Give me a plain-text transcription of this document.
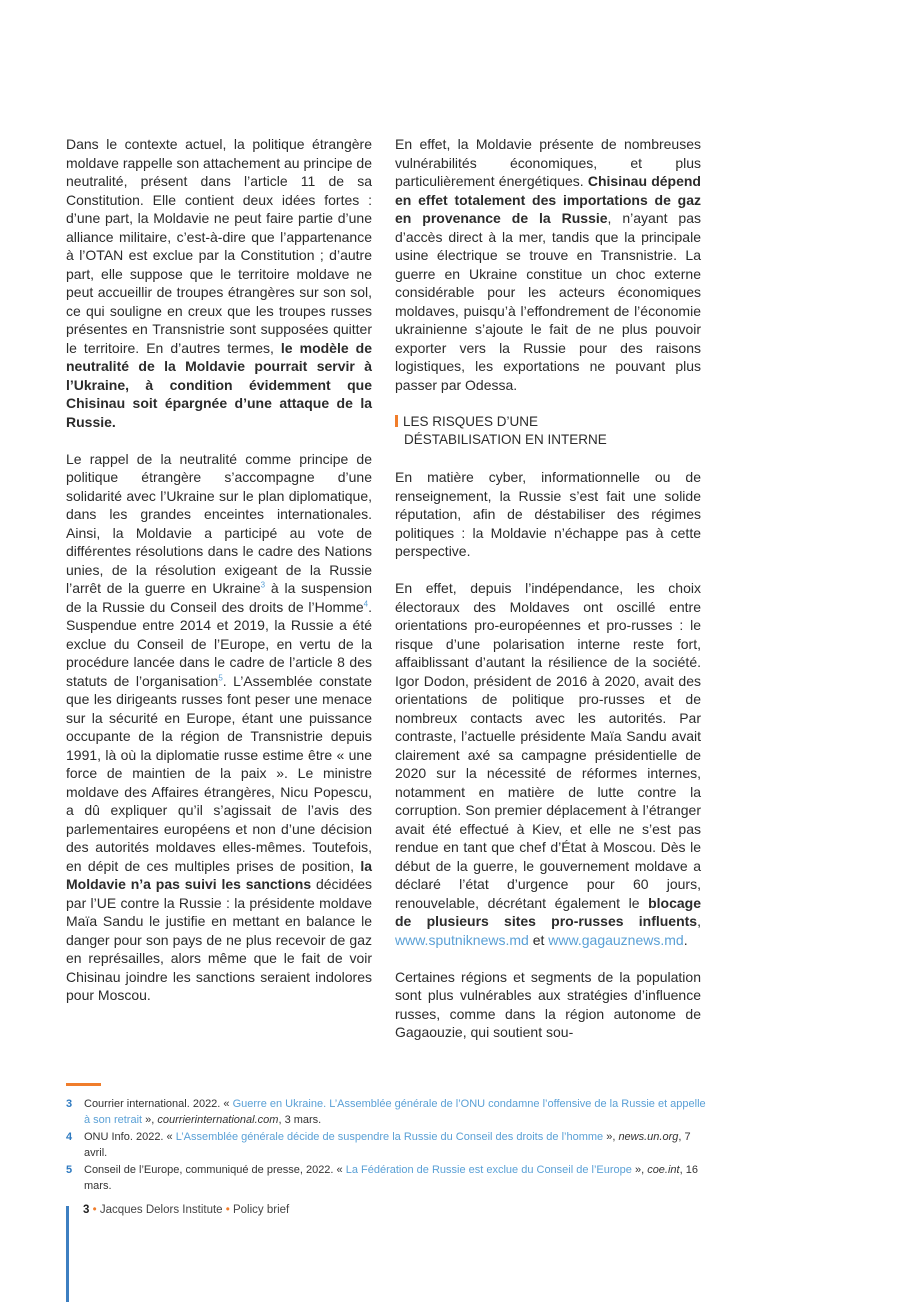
Dans le contexte actuel, la politique étrangère moldave rappelle son attachement au principe de neutralité, présent dans l’article 11 de sa Constitution. Elle contient deux idées fortes : d’une part, la Moldavie ne peut faire partie d’une alliance militaire, c’est-à-dire que l’appartenance à l’OTAN est exclue par la Constitution ; d’autre part, elle suppose que le territoire moldave ne peut accueillir de troupes étrangères sur son sol, ce qui souligne en creux que les troupes russes présentes en Transnistrie sont supposées quitter le territoire. En d’autres termes, le modèle de neutralité de la Moldavie pourrait servir à l’Ukraine, à condition évidemment que Chisinau soit épargnée d’une attaque de la Russie.

Le rappel de la neutralité comme principe de politique étrangère s’accompagne d’une solidarité avec l’Ukraine sur le plan diplomatique, dans les grandes enceintes internationales. Ainsi, la Moldavie a participé au vote de différentes résolutions dans le cadre des Nations unies, de la résolution exigeant de la Russie l’arrêt de la guerre en Ukraine$^3$ à la suspension de la Russie du Conseil des droits de l’Homme$^4$. Suspendue entre 2014 et 2019, la Russie a été exclue du Conseil de l’Europe, en vertu de la procédure lancée dans le cadre de l’article 8 des statuts de l’organisation$^5$. L’Assemblée constate que les dirigeants russes font peser une menace sur la sécurité en Europe, étant une puissance occupante de la région de Transnistrie depuis 1991, là où la diplomatie russe estime être « une force de maintien de la paix ». Le ministre moldave des Affaires étrangères, Nicu Popescu, a dû expliquer qu’il s’agissait de l’avis des parlementaires européens et non d’une décision des autorités moldaves elles-mêmes. Toutefois, en dépit de ces multiples prises de position, la Moldavie n’a pas suivi les sanctions décidées par l’UE contre la Russie : la présidente moldave Maïa Sandu le justifie en mettant en balance le danger pour son pays de ne plus recevoir de gaz en représailles, alors même que le fait de voir Chisinau joindre les sanctions seraient indolores pour Moscou.

En effet, la Moldavie présente de nombreuses vulnérabilités économiques, et plus particulièrement énergétiques. Chisinau dépend en effet totalement des importations de gaz en provenance de la Russie, n’ayant pas d’accès direct à la mer, tandis que la principale usine électrique se trouve en Transnistrie. La guerre en Ukraine constitue un choc externe considérable pour les acteurs économiques moldaves, puisqu’à l’effondrement de l’économie ukrainienne s’ajoute le fait de ne plus pouvoir exporter vers la Russie pour des raisons logistiques, les exportations ne pouvant plus passer par Odessa.

LES RISQUES D’UNE
DÉSTABILISATION EN INTERNE

En matière cyber, informationnelle ou de renseignement, la Russie s’est fait une solide réputation, afin de déstabiliser des régimes politiques : la Moldavie n’échappe pas à cette perspective.

En effet, depuis l’indépendance, les choix électoraux des Moldaves ont oscillé entre orientations pro-européennes et pro-russes : le risque d’une polarisation interne reste fort, affaiblissant d’autant la résilience de la société. Igor Dodon, président de 2016 à 2020, avait des orientations de politique pro-russes et de nombreux contacts avec les autorités. Par contraste, l’actuelle présidente Maïa Sandu avait clairement axé sa campagne présidentielle de 2020 sur la nécessité de réformes internes, notamment en matière de lutte contre la corruption. Son premier déplacement à l’étranger avait été effectué à Kiev, et elle ne s’est pas rendue en tant que chef d’État à Moscou. Dès le début de la guerre, le gouvernement moldave a déclaré l’état d’urgence pour 60 jours, renouvelable, décrétant également le blocage de plusieurs sites pro-russes influents, www.sputniknews.md et www.gagauznews.md.

Certaines régions et segments de la population sont plus vulnérables aux stratégies d’influence russes, comme dans la région autonome de Gagaouzie, qui soutient sou-

3 Courrier international. 2022. « Guerre en Ukraine. L’Assemblée générale de l’ONU condamne l’offensive de la Russie et appelle à son retrait », courrierinternational.com, 3 mars.
4 ONU Info. 2022. « L’Assemblée générale décide de suspendre la Russie du Conseil des droits de l’homme », news.un.org, 7 avril.
5 Conseil de l’Europe, communiqué de presse, 2022. « La Fédération de Russie est exclue du Conseil de l’Europe », coe.int, 16 mars.
3 • Jacques Delors Institute • Policy brief
